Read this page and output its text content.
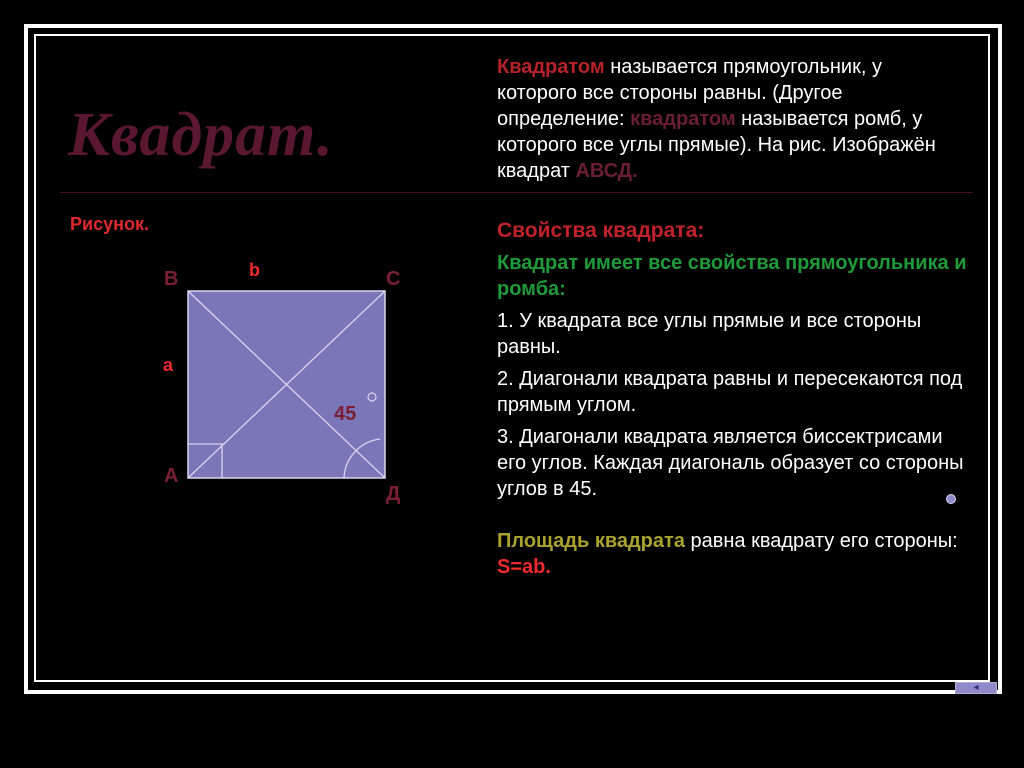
Квадрат.
Рисунок.
В	С
А
Д
b
a
45

Квадратом называется прямоугольник, у которого все стороны равны. (Другое определение: квадратом называется ромб, у которого все углы прямые). На рис. Изображён квадрат АВСД.

Свойства квадрата:

Квадрат имеет все свойства прямоугольника и ромба:

1. У квадрата все углы прямые и все стороны равны.

2. Диагонали квадрата равны и пересекаются под прямым углом.

3. Диагонали квадрата является биссектрисами его углов. Каждая диагональ образует со стороны углов в 45.

Площадь квадрата равна квадрату его стороны: S=ab.

◂
